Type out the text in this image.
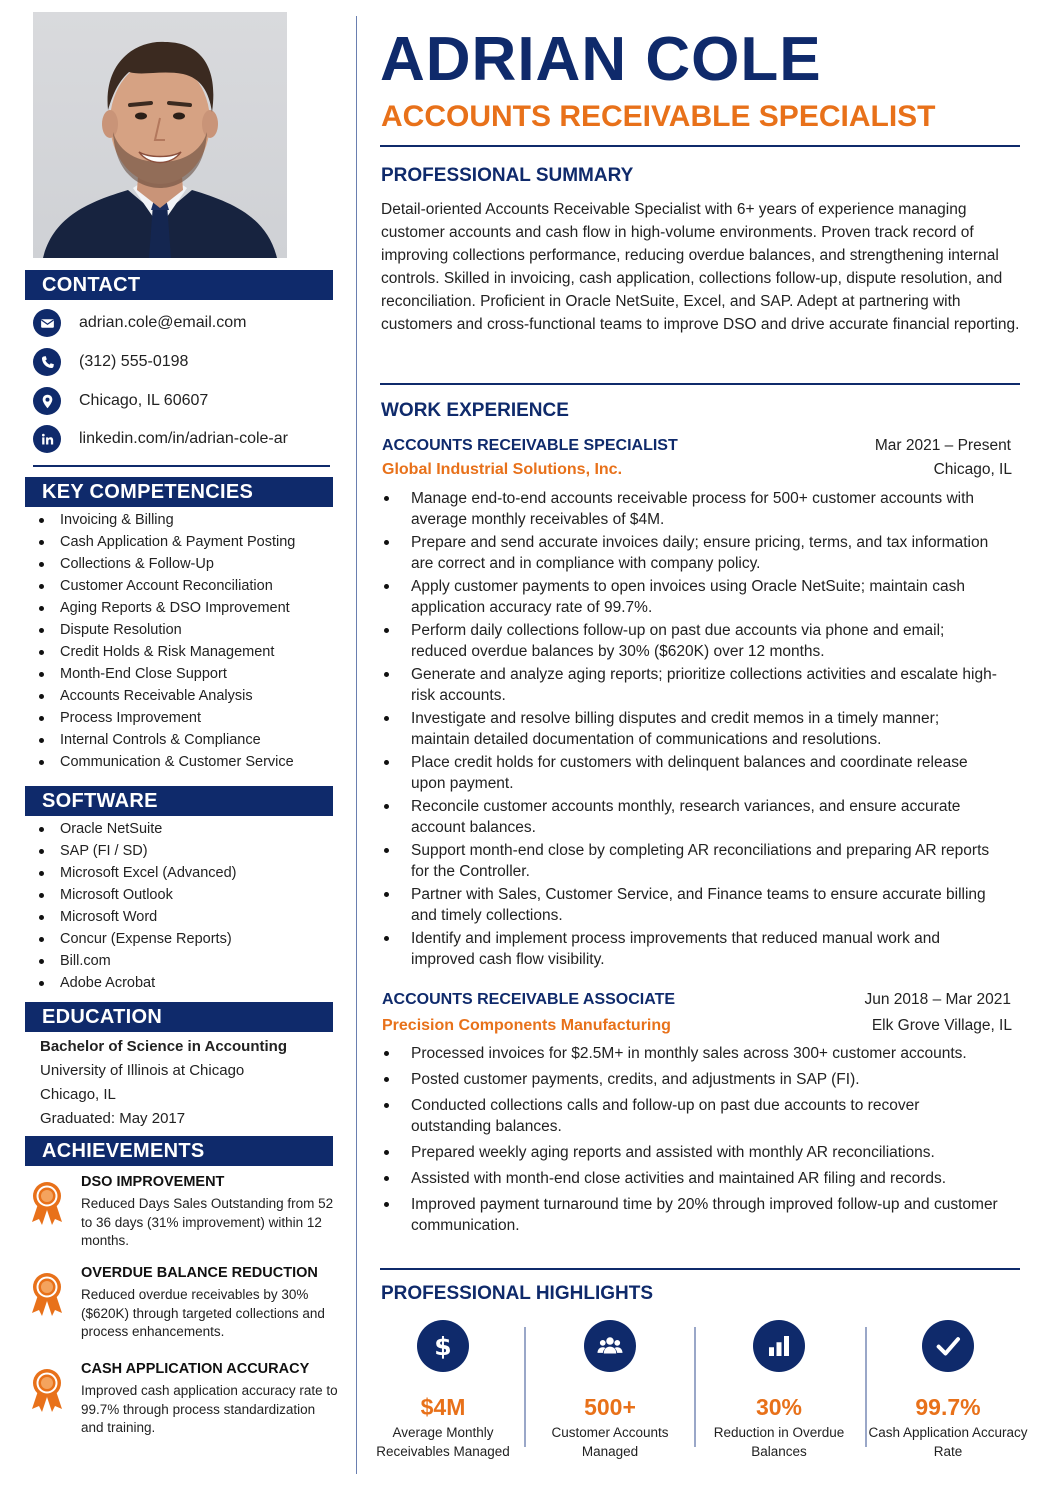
CONTACT
adrian.cole@email.com
(312) 555-0198
Chicago, IL 60607
linkedin.com/in/adrian-cole-ar
KEY COMPETENCIES
Invoicing & Billing
Cash Application & Payment Posting
Collections & Follow-Up
Customer Account Reconciliation
Aging Reports & DSO Improvement
Dispute Resolution
Credit Holds & Risk Management
Month-End Close Support
Accounts Receivable Analysis
Process Improvement
Internal Controls & Compliance
Communication & Customer Service
SOFTWARE
Oracle NetSuite
SAP (FI / SD)
Microsoft Excel (Advanced)
Microsoft Outlook
Microsoft Word
Concur (Expense Reports)
Bill.com
Adobe Acrobat
EDUCATION
Bachelor of Science in Accounting
University of Illinois at Chicago
Chicago, IL
Graduated: May 2017
ACHIEVEMENTS
DSO IMPROVEMENT
Reduced Days Sales Outstanding from 52 to 36 days (31% improvement) within 12 months.
OVERDUE BALANCE REDUCTION
Reduced overdue receivables by 30% ($620K) through targeted collections and process enhancements.
CASH APPLICATION ACCURACY
Improved cash application accuracy rate to 99.7% through process standardization and training.
ADRIAN COLE
ACCOUNTS RECEIVABLE SPECIALIST
PROFESSIONAL SUMMARY
Detail-oriented Accounts Receivable Specialist with 6+ years of experience managing customer accounts and cash flow in high-volume environments. Proven track record of improving collections performance, reducing overdue balances, and strengthening internal controls. Skilled in invoicing, cash application, collections follow-up, dispute resolution, and reconciliation. Proficient in Oracle NetSuite, Excel, and SAP. Adept at partnering with customers and cross-functional teams to improve DSO and drive accurate financial reporting.
WORK EXPERIENCE
ACCOUNTS RECEIVABLE SPECIALIST	Mar 2021 – Present
Global Industrial Solutions, Inc.	Chicago, IL
Manage end-to-end accounts receivable process for 500+ customer accounts with average monthly receivables of $4M.
Prepare and send accurate invoices daily; ensure pricing, terms, and tax information are correct and in compliance with company policy.
Apply customer payments to open invoices using Oracle NetSuite; maintain cash application accuracy rate of 99.7%.
Perform daily collections follow-up on past due accounts via phone and email; reduced overdue balances by 30% ($620K) over 12 months.
Generate and analyze aging reports; prioritize collections activities and escalate high-risk accounts.
Investigate and resolve billing disputes and credit memos in a timely manner; maintain detailed documentation of communications and resolutions.
Place credit holds for customers with delinquent balances and coordinate release upon payment.
Reconcile customer accounts monthly, research variances, and ensure accurate account balances.
Support month-end close by completing AR reconciliations and preparing AR reports for the Controller.
Partner with Sales, Customer Service, and Finance teams to ensure accurate billing and timely collections.
Identify and implement process improvements that reduced manual work and improved cash flow visibility.
ACCOUNTS RECEIVABLE ASSOCIATE	Jun 2018 – Mar 2021
Precision Components Manufacturing	Elk Grove Village, IL
Processed invoices for $2.5M+ in monthly sales across 300+ customer accounts.
Posted customer payments, credits, and adjustments in SAP (FI).
Conducted collections calls and follow-up on past due accounts to recover outstanding balances.
Prepared weekly aging reports and assisted with monthly AR reconciliations.
Assisted with month-end close activities and maintained AR filing and records.
Improved payment turnaround time by 20% through improved follow-up and customer communication.
PROFESSIONAL HIGHLIGHTS
$
$4M
Average Monthly Receivables Managed
500+
Customer Accounts Managed
30%
Reduction in Overdue Balances
99.7%
Cash Application Accuracy Rate
